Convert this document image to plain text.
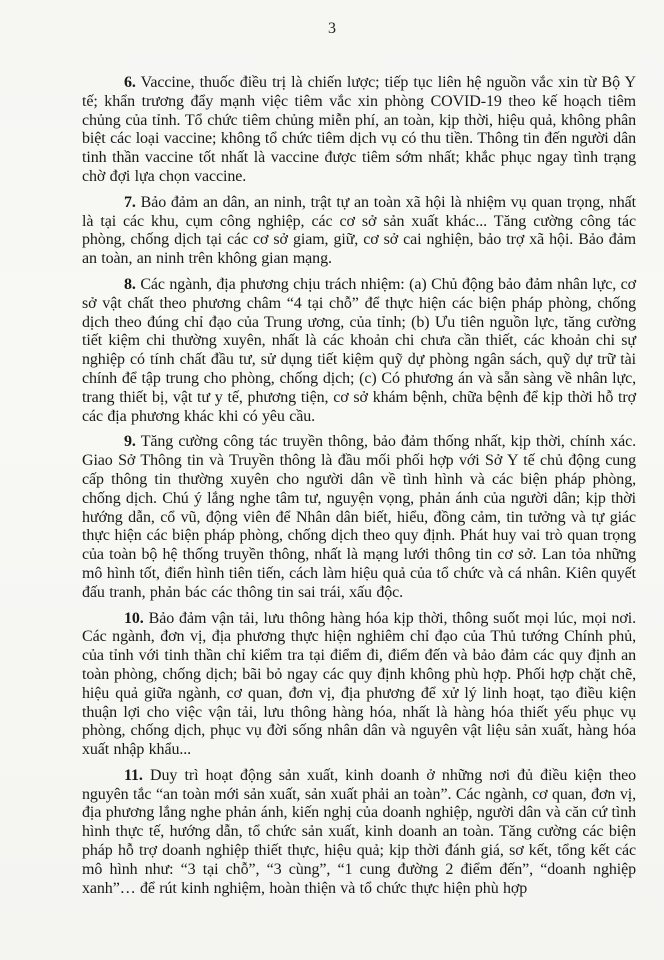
3

6. Vaccine, thuốc điều trị là chiến lược; tiếp tục liên hệ nguồn vắc xin từ Bộ Y tế; khẩn trương đẩy mạnh việc tiêm vắc xin phòng COVID-19 theo kế hoạch tiêm chủng của tỉnh. Tổ chức tiêm chủng miễn phí, an toàn, kịp thời, hiệu quả, không phân biệt các loại vaccine; không tổ chức tiêm dịch vụ có thu tiền. Thông tin đến người dân tinh thần vaccine tốt nhất là vaccine được tiêm sớm nhất; khắc phục ngay tình trạng chờ đợi lựa chọn vaccine.

7. Bảo đảm an dân, an ninh, trật tự an toàn xã hội là nhiệm vụ quan trọng, nhất là tại các khu, cụm công nghiệp, các cơ sở sản xuất khác... Tăng cường công tác phòng, chống dịch tại các cơ sở giam, giữ, cơ sở cai nghiện, bảo trợ xã hội. Bảo đảm an toàn, an ninh trên không gian mạng.

8. Các ngành, địa phương chịu trách nhiệm: (a) Chủ động bảo đảm nhân lực, cơ sở vật chất theo phương châm “4 tại chỗ” để thực hiện các biện pháp phòng, chống dịch theo đúng chỉ đạo của Trung ương, của tỉnh; (b) Ưu tiên nguồn lực, tăng cường tiết kiệm chi thường xuyên, nhất là các khoản chi chưa cần thiết, các khoản chi sự nghiệp có tính chất đầu tư, sử dụng tiết kiệm quỹ dự phòng ngân sách, quỹ dự trữ tài chính để tập trung cho phòng, chống dịch; (c) Có phương án và sẵn sàng về nhân lực, trang thiết bị, vật tư y tế, phương tiện, cơ sở khám bệnh, chữa bệnh để kịp thời hỗ trợ các địa phương khác khi có yêu cầu.

9. Tăng cường công tác truyền thông, bảo đảm thống nhất, kịp thời, chính xác. Giao Sở Thông tin và Truyền thông là đầu mối phối hợp với Sở Y tế chủ động cung cấp thông tin thường xuyên cho người dân về tình hình và các biện pháp phòng, chống dịch. Chú ý lắng nghe tâm tư, nguyện vọng, phản ánh của người dân; kịp thời hướng dẫn, cổ vũ, động viên để Nhân dân biết, hiểu, đồng cảm, tin tưởng và tự giác thực hiện các biện pháp phòng, chống dịch theo quy định. Phát huy vai trò quan trọng của toàn bộ hệ thống truyền thông, nhất là mạng lưới thông tin cơ sở. Lan tỏa những mô hình tốt, điển hình tiên tiến, cách làm hiệu quả của tổ chức và cá nhân. Kiên quyết đấu tranh, phản bác các thông tin sai trái, xấu độc.

10. Bảo đảm vận tải, lưu thông hàng hóa kịp thời, thông suốt mọi lúc, mọi nơi. Các ngành, đơn vị, địa phương thực hiện nghiêm chỉ đạo của Thủ tướng Chính phủ, của tỉnh với tinh thần chỉ kiểm tra tại điểm đi, điểm đến và bảo đảm các quy định an toàn phòng, chống dịch; bãi bỏ ngay các quy định không phù hợp. Phối hợp chặt chẽ, hiệu quả giữa ngành, cơ quan, đơn vị, địa phương để xử lý linh hoạt, tạo điều kiện thuận lợi cho việc vận tải, lưu thông hàng hóa, nhất là hàng hóa thiết yếu phục vụ phòng, chống dịch, phục vụ đời sống nhân dân và nguyên vật liệu sản xuất, hàng hóa xuất nhập khẩu...

11. Duy trì hoạt động sản xuất, kinh doanh ở những nơi đủ điều kiện theo nguyên tắc “an toàn mới sản xuất, sản xuất phải an toàn”. Các ngành, cơ quan, đơn vị, địa phương lắng nghe phản ánh, kiến nghị của doanh nghiệp, người dân và căn cứ tình hình thực tế, hướng dẫn, tổ chức sản xuất, kinh doanh an toàn. Tăng cường các biện pháp hỗ trợ doanh nghiệp thiết thực, hiệu quả; kịp thời đánh giá, sơ kết, tổng kết các mô hình như: “3 tại chỗ”, “3 cùng”, “1 cung đường 2 điểm đến”, “doanh nghiệp xanh”… để rút kinh nghiệm, hoàn thiện và tổ chức thực hiện phù hợp
